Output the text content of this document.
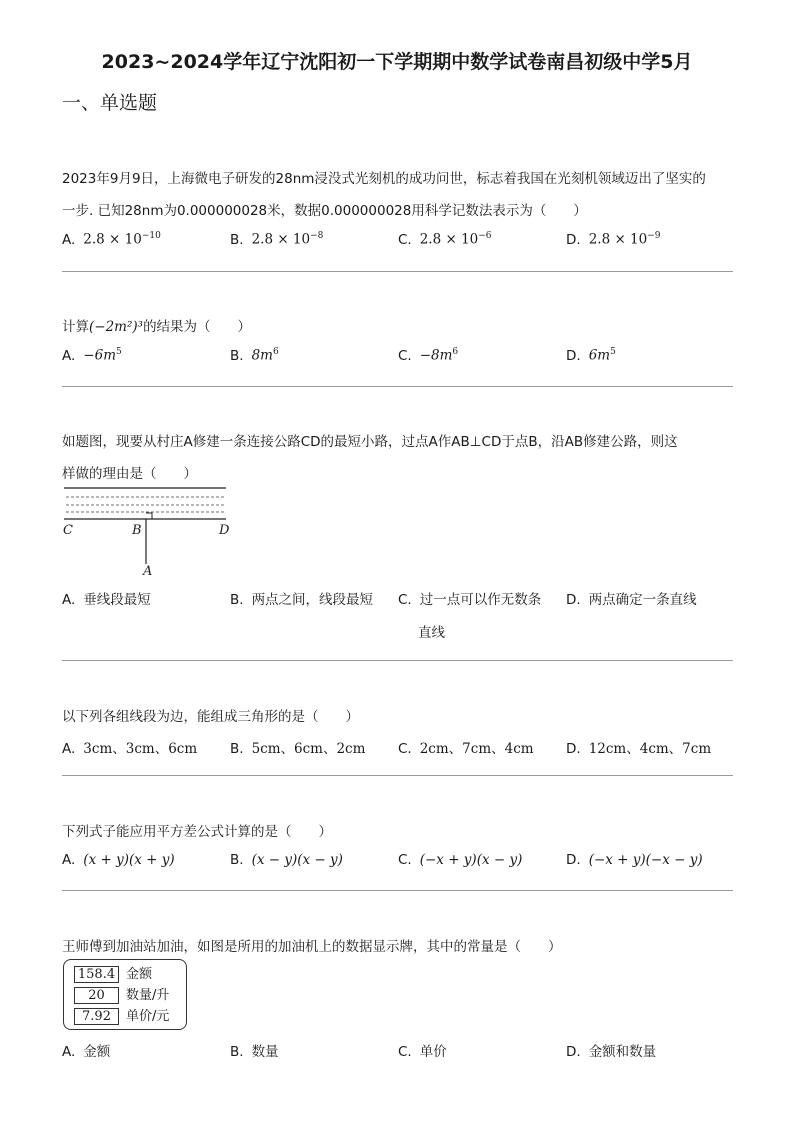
2023~2024学年辽宁沈阳初一下学期期中数学试卷南昌初级中学5月
一、单选题
2023年9月9日，上海微电子研发的28nm浸没式光刻机的成功问世，标志着我国在光刻机领域迈出了坚实的
一步. 已知28nm为0.000000028米，数据0.000000028用科学记数法表示为（　　）
A. $2.8 \times 10^{-10}$	B. $2.8 \times 10^{-8}$	C. $2.8 \times 10^{-6}$	D. $2.8 \times 10^{-9}$
计算(−2m²)³的结果为（　　）
A. $-6m^5$	B. $8m^6$	C. $-8m^6$	D. $6m^5$
如题图，现要从村庄A修建一条连接公路CD的最短小路，过点A作AB⊥CD于点B，沿AB修建公路，则这
样做的理由是（　　）
C	B	D
A
A. 垂线段最短	B. 两点之间，线段最短 C. 过一点可以作无数条
直线
D. 两点确定一条直线
以下列各组线段为边，能组成三角形的是（　　）
A. 3cm、3cm、6cm B. 5cm、6cm、2cm C. 2cm、7cm、4cm D. 12cm、4cm、7cm
下列式子能应用平方差公式计算的是（　　）
A. (x + y)(x + y)	B. (x − y)(x − y)	C. (−x + y)(x − y)	D. (−x + y)(−x − y)
王师傅到加油站加油，如图是所用的加油机上的数据显示牌，其中的常量是（　　）
158.4 金额
20	数量/升
7.92	单价/元
A. 金额	B. 数量	C. 单价	D. 金额和数量
